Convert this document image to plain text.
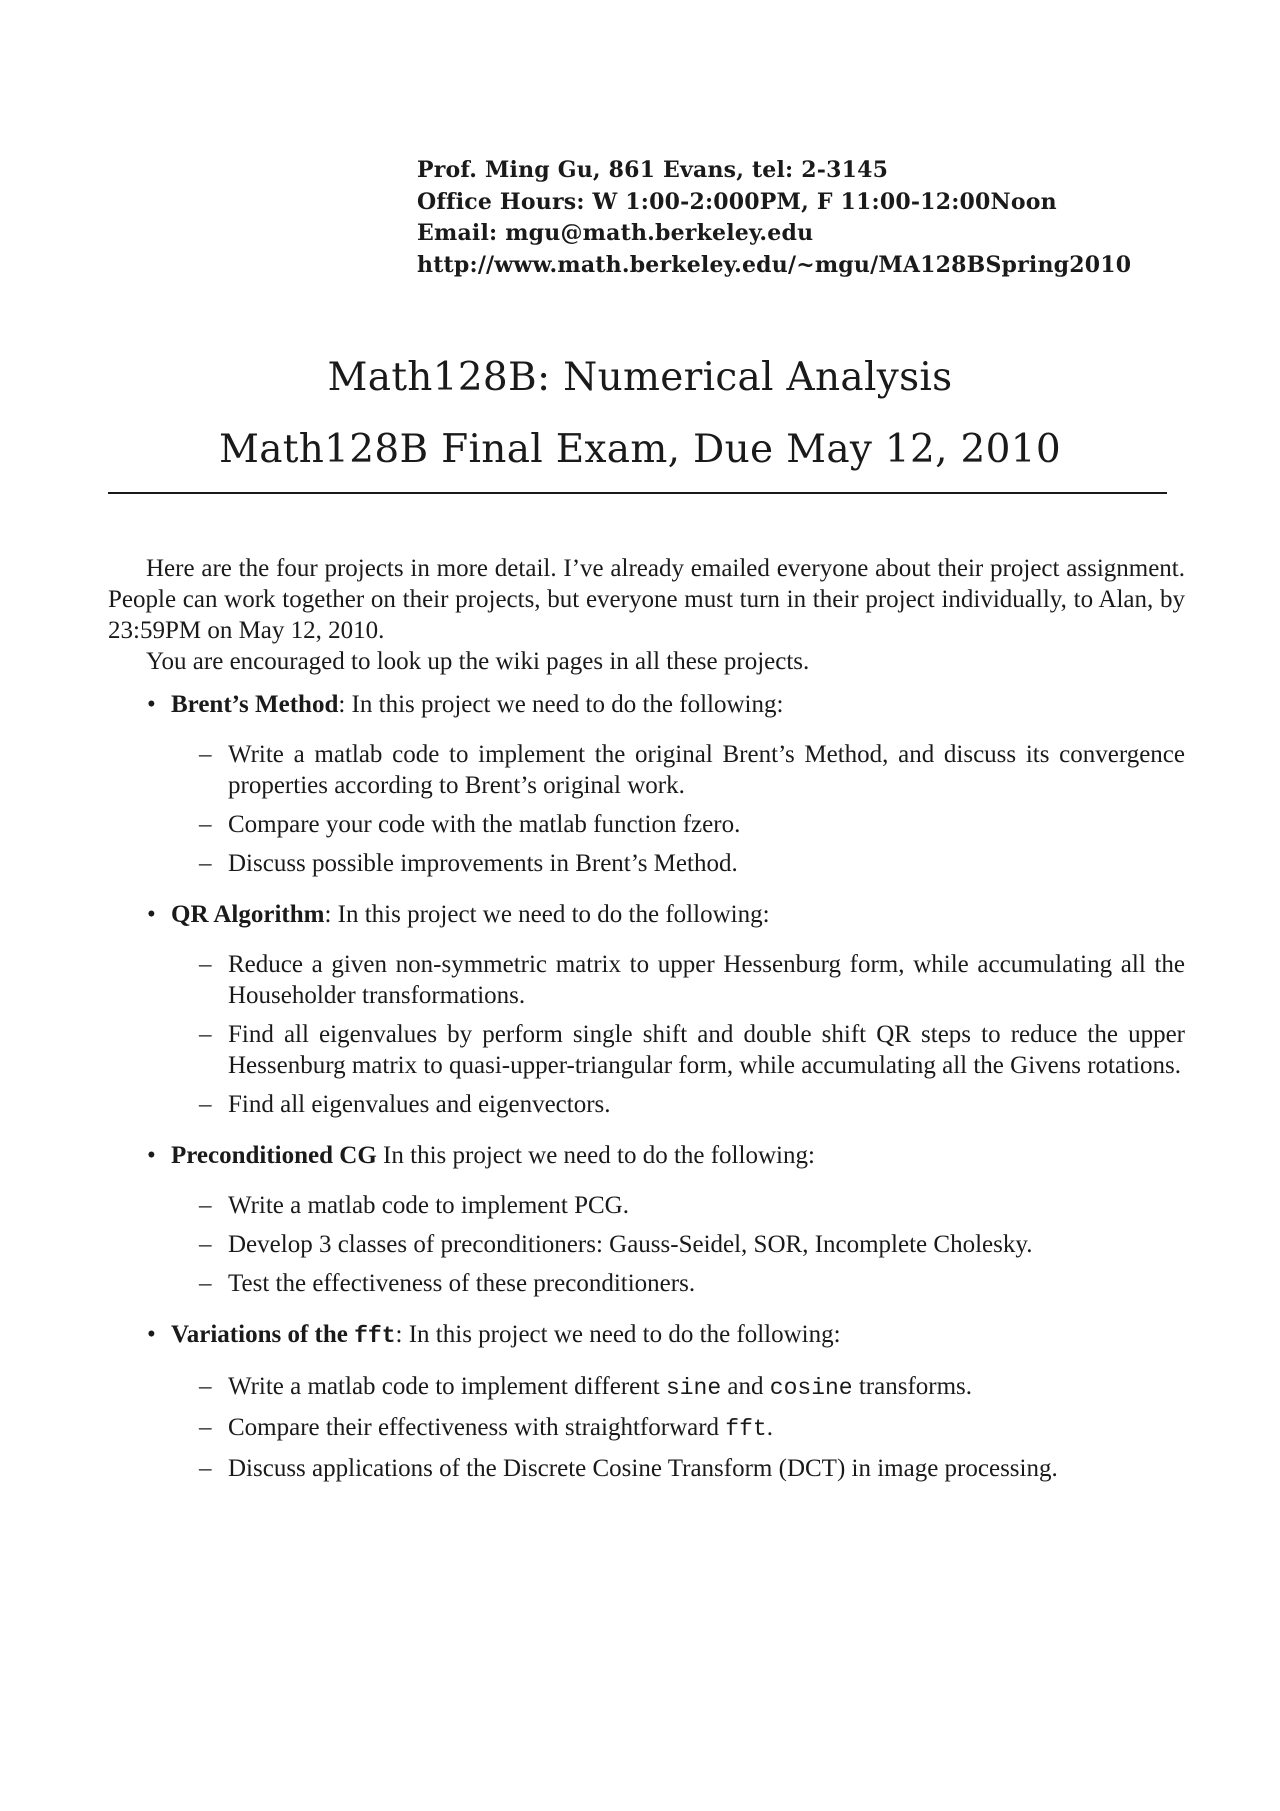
Prof. Ming Gu, 861 Evans, tel: 2-3145
Office Hours: W 1:00-2:000PM, F 11:00-12:00Noon
Email: mgu@math.berkeley.edu
http://www.math.berkeley.edu/~mgu/MA128BSpring2010
Math128B: Numerical Analysis
Math128B Final Exam, Due May 12, 2010

Here are the four projects in more detail. I’ve already emailed everyone about their project assignment. People can work together on their projects, but everyone must turn in their project individually, to Alan, by 23:59PM on May 12, 2010.

You are encouraged to look up the wiki pages in all these projects.

• Brent’s Method: In this project we need to do the following:
– Write a matlab code to implement the original Brent’s Method, and discuss its convergence properties according to Brent’s original work.
– Compare your code with the matlab function fzero.
– Discuss possible improvements in Brent’s Method.
• QR Algorithm: In this project we need to do the following:
– Reduce a given non-symmetric matrix to upper Hessenburg form, while accumulating all the Householder transformations.
– Find all eigenvalues by perform single shift and double shift QR steps to reduce the upper Hessenburg matrix to quasi-upper-triangular form, while accumulating all the Givens rotations.
– Find all eigenvalues and eigenvectors.
• Preconditioned CG In this project we need to do the following:
– Write a matlab code to implement PCG.
– Develop 3 classes of preconditioners: Gauss-Seidel, SOR, Incomplete Cholesky.
– Test the effectiveness of these preconditioners.
• Variations of the fft: In this project we need to do the following:
– Write a matlab code to implement different sine and cosine transforms.
– Compare their effectiveness with straightforward fft.
– Discuss applications of the Discrete Cosine Transform (DCT) in image processing.
